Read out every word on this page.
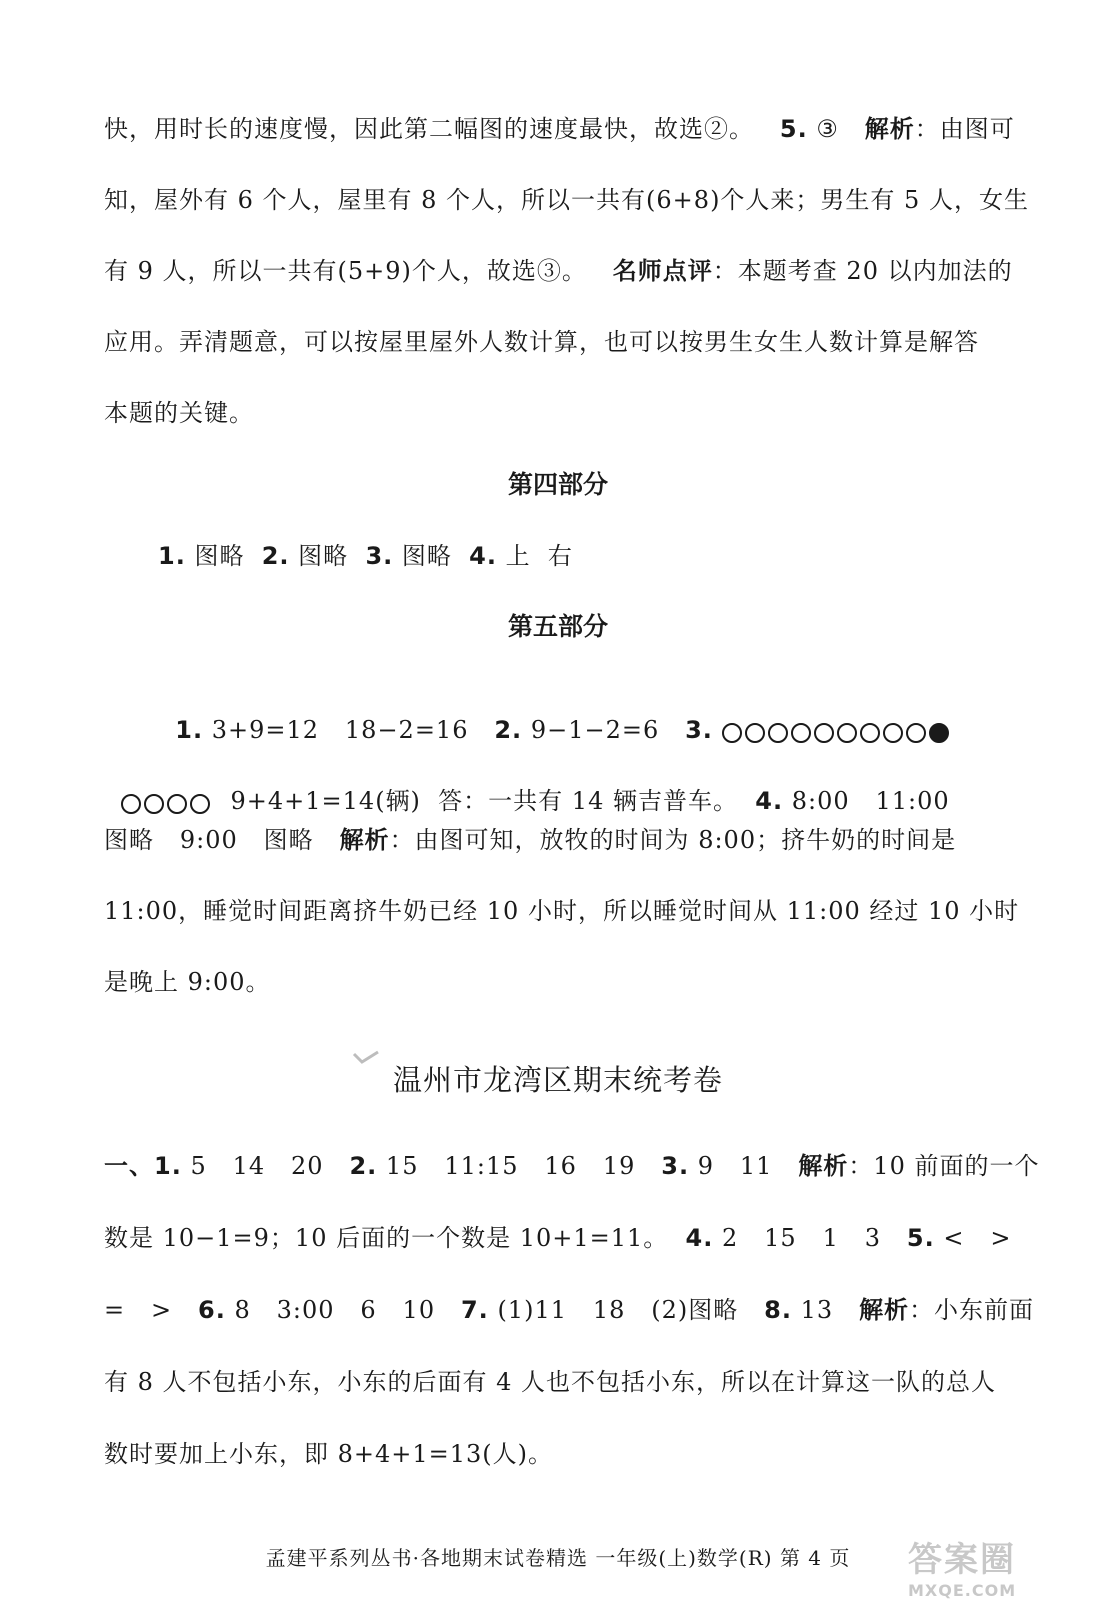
快，用时长的速度慢，因此第二幅图的速度最快，故选②。   5. ③   解析：由图可
知，屋外有 6 个人，屋里有 8 个人，所以一共有(6+8)个人来；男生有 5 人，女生
有 9 人，所以一共有(5+9)个人，故选③。   名师点评：本题考查 20 以内加法的
应用。弄清题意，可以按屋里屋外人数计算，也可以按男生女生人数计算是解答
本题的关键。
第四部分
1. 图略  2. 图略  3. 图略  4. 上  右
第五部分

1. 3+9=12   18−2=16   2. 9−1−2=6   3.

9+4+1=14(辆)  答：一共有 14 辆吉普车。  4. 8:00   11:00

图略   9:00   图略   解析：由图可知，放牧的时间为 8:00；挤牛奶的时间是
11:00，睡觉时间距离挤牛奶已经 10 小时，所以睡觉时间从 11:00 经过 10 小时
是晚上 9:00。
温州市龙湾区期末统考卷
一、1. 5   14   20   2. 15   11:15   16   19   3. 9   11   解析：10 前面的一个
数是 10−1=9；10 后面的一个数是 10+1=11。  4. 2   15   1   3   5. <   >
=   >   6. 8   3:00   6   10   7. (1)11   18   (2)图略   8. 13   解析：小东前面
有 8 人不包括小东，小东的后面有 4 人也不包括小东，所以在计算这一队的总人
数时要加上小东，即 8+4+1=13(人)。
孟建平系列丛书·各地期末试卷精选 一年级(上)数学(R) 第 4 页	答案圈
MXQE.COM
